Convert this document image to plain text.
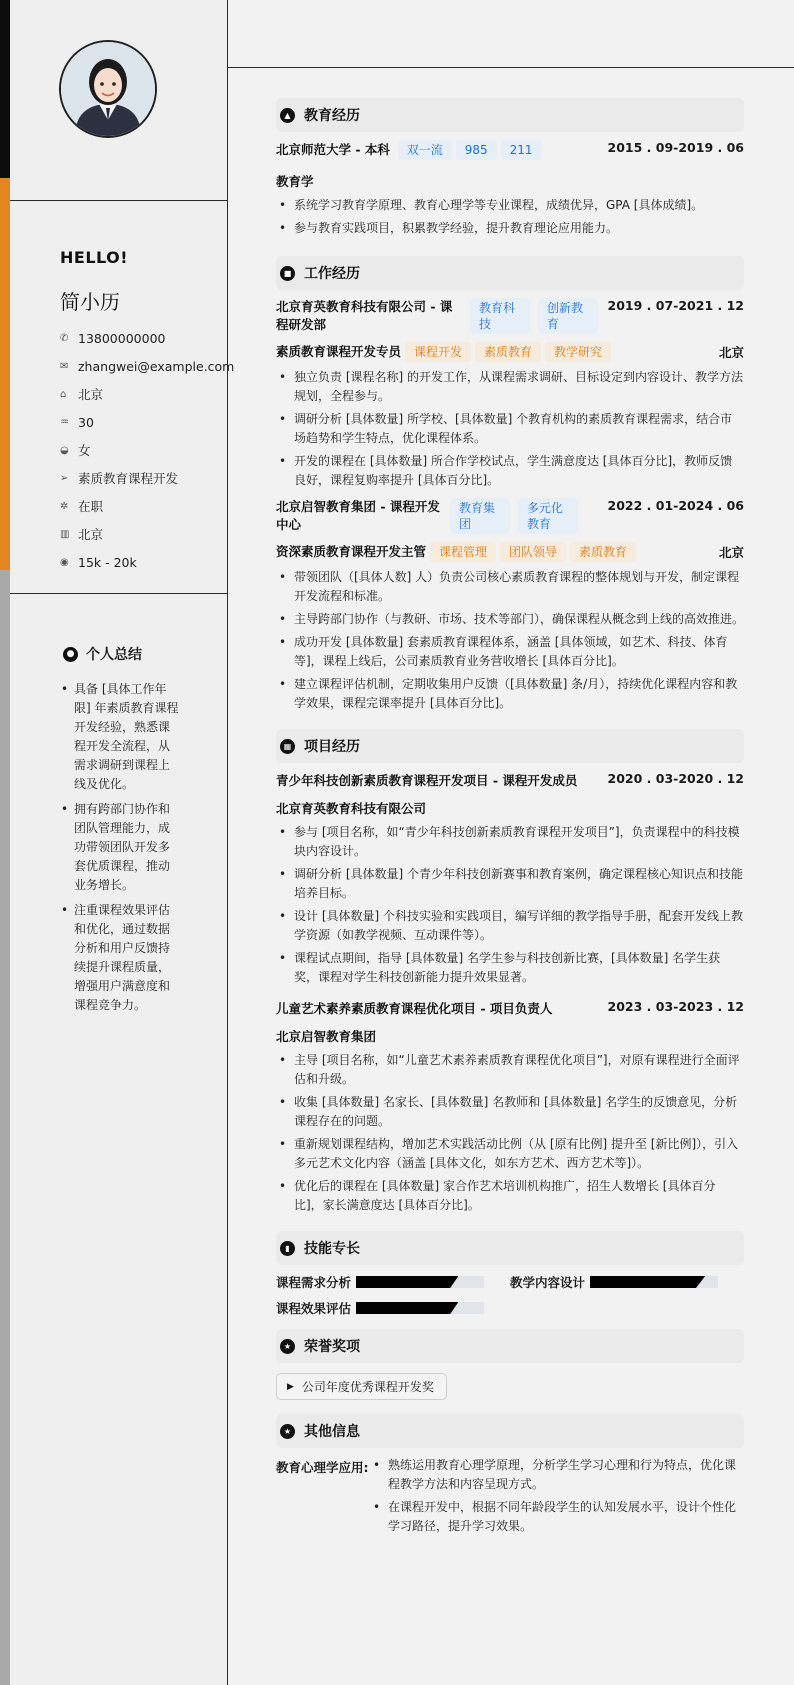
HELLO!
简小历
✆ 13800000000
✉ zhangwei@example.com
⌂ 北京
♒ 30
◒ 女
➢ 素质教育课程开发
✲ 在职
▥ 北京
◉ 15k - 20k
● 个人总结
• 具备 [具体工作年限] 年素质教育课程开发经验，熟悉课程开发全流程，从需求调研到课程上线及优化。
• 拥有跨部门协作和团队管理能力，成功带领团队开发多套优质课程，推动业务增长。
• 注重课程效果评估和优化，通过数据分析和用户反馈持续提升课程质量，增强用户满意度和课程竞争力。
▲ 教育经历
北京师范大学 - 本科 双一流 985 211	2015 . 09-2019 . 06
教育学
• 系统学习教育学原理、教育心理学等专业课程，成绩优异，GPA [具体成绩]。
• 参与教育实践项目，积累教学经验，提升教育理论应用能力。
■ 工作经历
北京育英教育科技有限公司 - 课程研发部
教育科技
创新教育
2019 . 07-2021 . 12
素质教育课程开发专员 课程开发 素质教育 教学研究	北京
• 独立负责 [课程名称] 的开发工作，从课程需求调研、目标设定到内容设计、教学方法规划，全程参与。
• 调研分析 [具体数量] 所学校、[具体数量] 个教育机构的素质教育课程需求，结合市场趋势和学生特点，优化课程体系。
• 开发的课程在 [具体数量] 所合作学校试点，学生满意度达 [具体百分比]，教师反馈良好，课程复购率提升 [具体百分比]。
北京启智教育集团 - 课程开发中心
教育集团
多元化教育
2022 . 01-2024 . 06
资深素质教育课程开发主管 课程管理 团队领导 素质教育	北京
• 带领团队（[具体人数] 人）负责公司核心素质教育课程的整体规划与开发，制定课程开发流程和标准。
• 主导跨部门协作（与教研、市场、技术等部门），确保课程从概念到上线的高效推进。
• 成功开发 [具体数量] 套素质教育课程体系，涵盖 [具体领域，如艺术、科技、体育等]，课程上线后，公司素质教育业务营收增长 [具体百分比]。
• 建立课程评估机制，定期收集用户反馈（[具体数量] 条/月），持续优化课程内容和教学效果，课程完课率提升 [具体百分比]。
▦ 项目经历
青少年科技创新素质教育课程开发项目 - 课程开发成员 2020 . 03-2020 . 12
北京育英教育科技有限公司
• 参与 [项目名称，如“青少年科技创新素质教育课程开发项目”]，负责课程中的科技模块内容设计。
• 调研分析 [具体数量] 个青少年科技创新赛事和教育案例，确定课程核心知识点和技能培养目标。
• 设计 [具体数量] 个科技实验和实践项目，编写详细的教学指导手册，配套开发线上教学资源（如教学视频、互动课件等）。
• 课程试点期间，指导 [具体数量] 名学生参与科技创新比赛，[具体数量] 名学生获奖，课程对学生科技创新能力提升效果显著。
儿童艺术素养素质教育课程优化项目 - 项目负责人	2023 . 03-2023 . 12
北京启智教育集团
• 主导 [项目名称，如“儿童艺术素养素质教育课程优化项目”]，对原有课程进行全面评估和升级。
• 收集 [具体数量] 名家长、[具体数量] 名教师和 [具体数量] 名学生的反馈意见，分析课程存在的问题。
• 重新规划课程结构，增加艺术实践活动比例（从 [原有比例] 提升至 [新比例]），引入多元艺术文化内容（涵盖 [具体文化，如东方艺术、西方艺术等]）。
• 优化后的课程在 [具体数量] 家合作艺术培训机构推广，招生人数增长 [具体百分比]，家长满意度达 [具体百分比]。
▮	技能专长
课程需求分析	教学内容设计
课程效果评估
★ 荣誉奖项
▶ 公司年度优秀课程开发奖
★ 其他信息
教育心理学应用:
•	熟练运用教育心理学原理，分析学生学习心理和行为特点，优化课程教学方法和内容呈现方式。
• 在课程开发中，根据不同年龄段学生的认知发展水平，设计个性化学习路径，提升学习效果。
